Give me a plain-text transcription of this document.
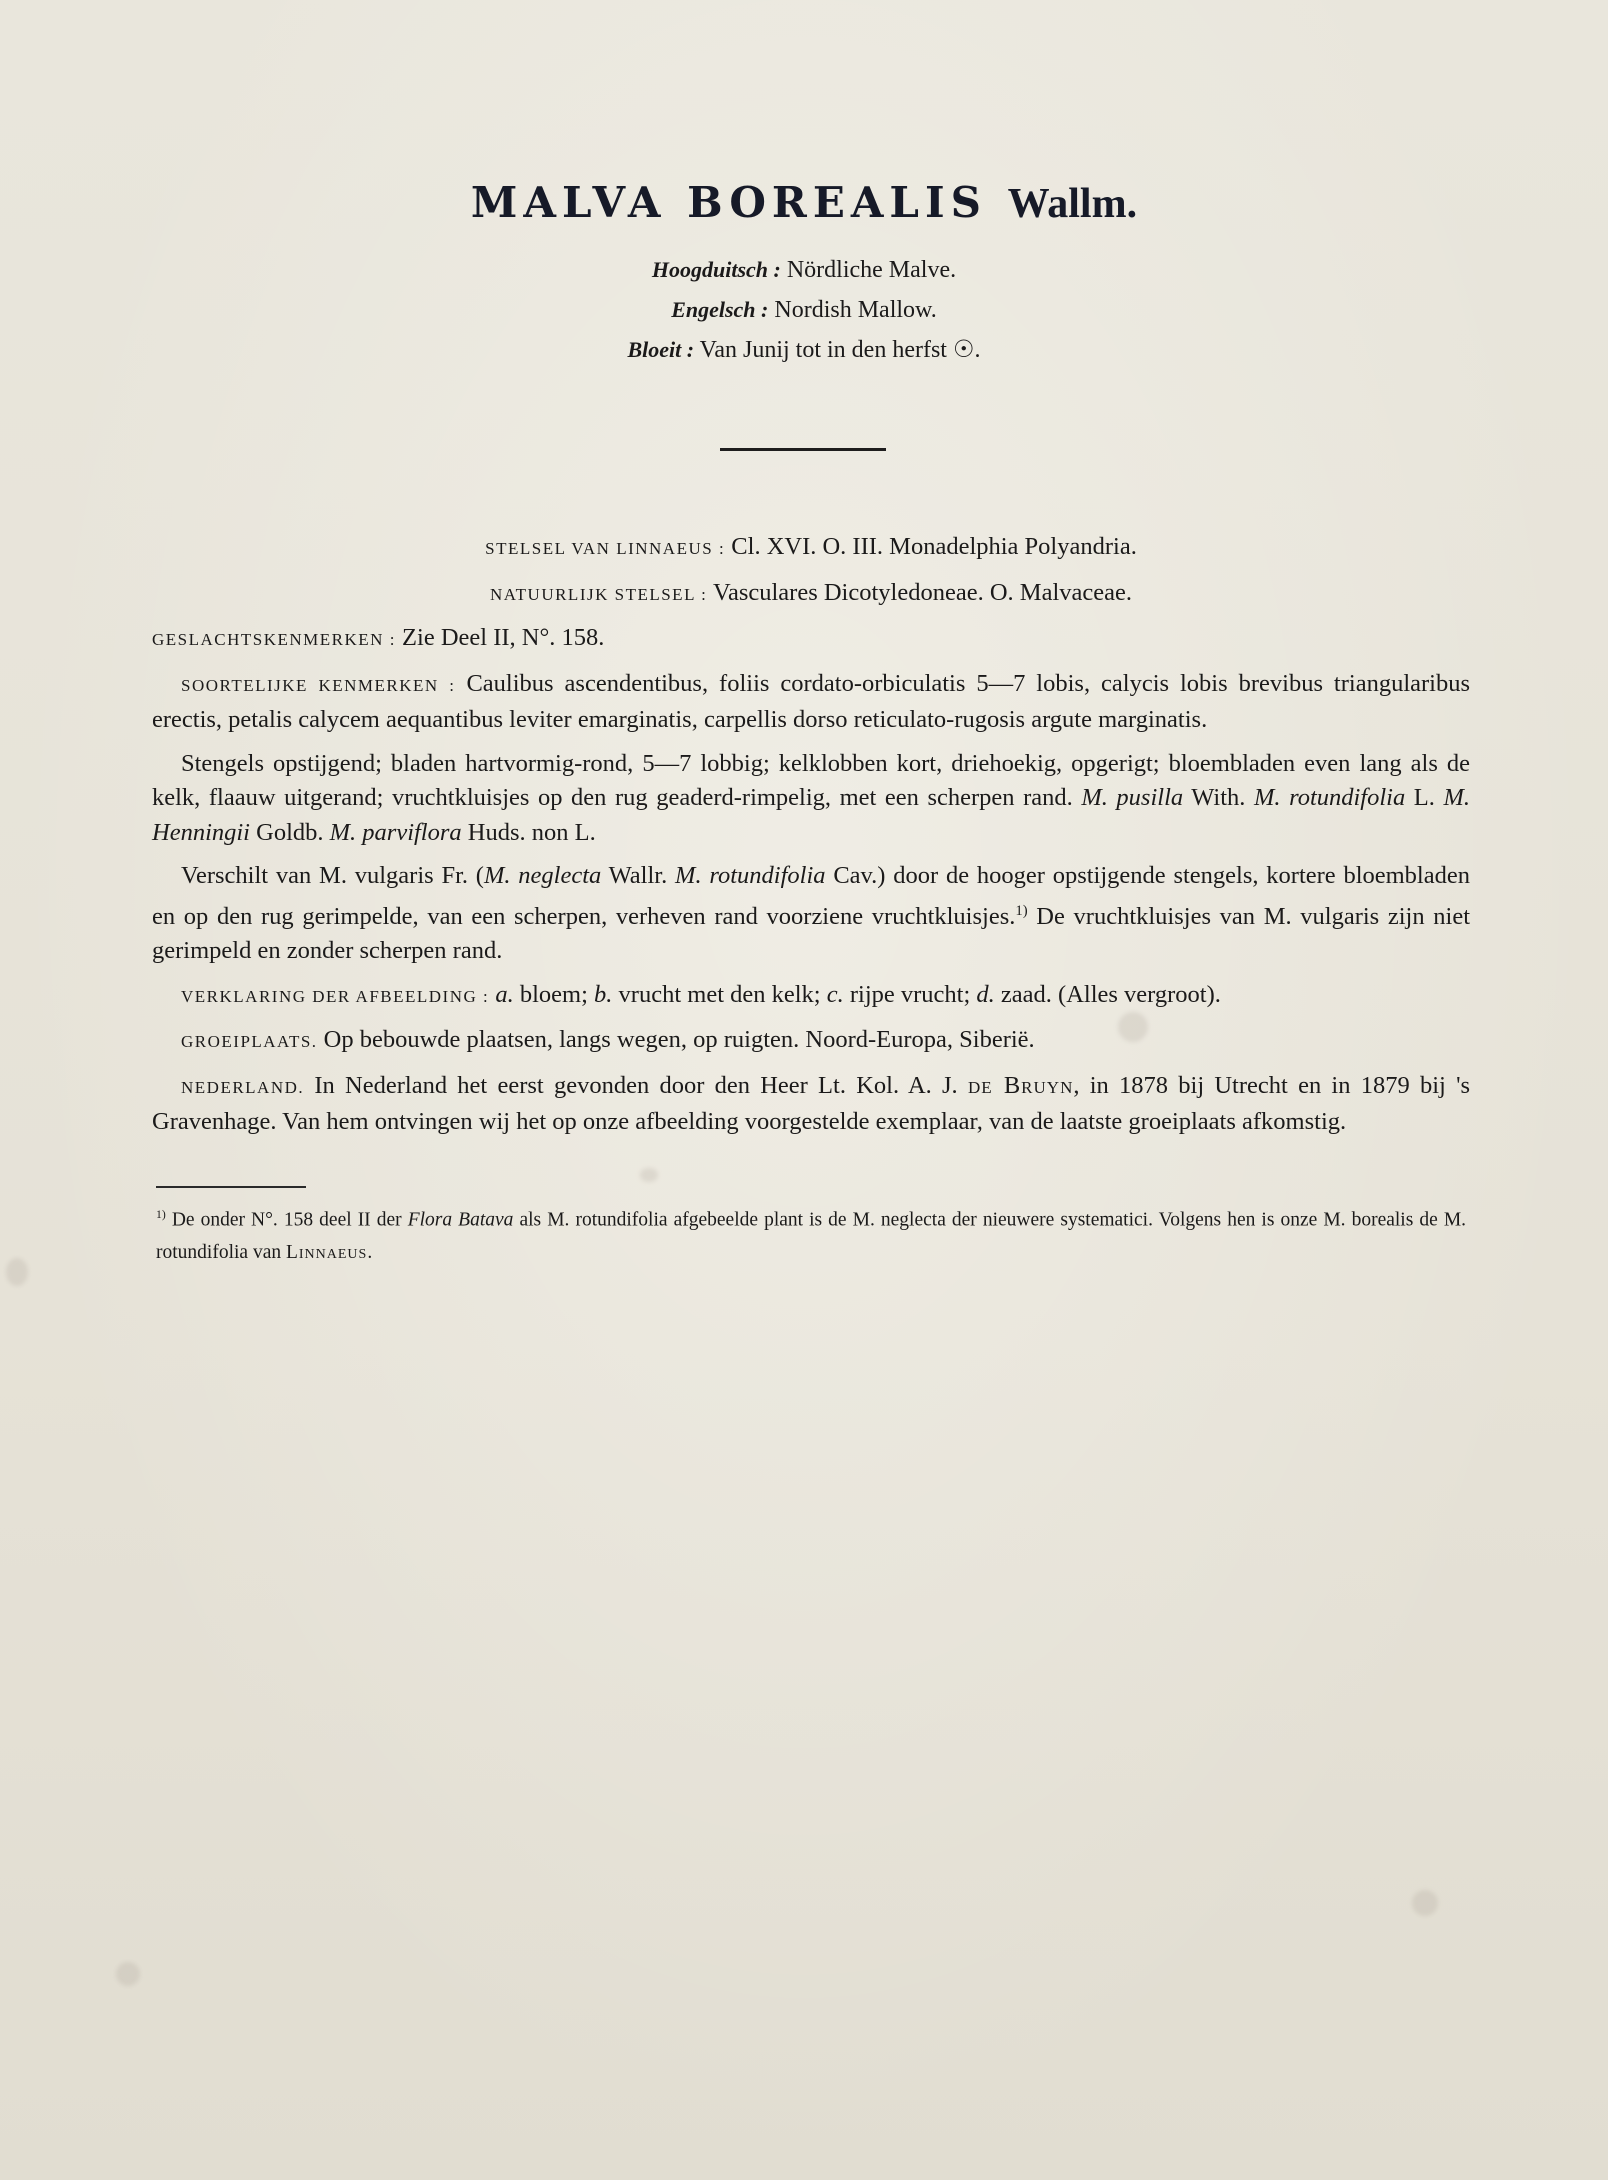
MALVA BOREALIS Wallm.
Hoogduitsch : Nördliche Malve.
Engelsch : Nordish Mallow.
Bloeit : Van Junij tot in den herfst ☉.

STELSEL VAN LINNAEUS : Cl. XVI. O. III. Monadelphia Polyandria.

NATUURLIJK STELSEL : Vasculares Dicotyledoneae. O. Malvaceae.

GESLACHTSKENMERKEN : Zie Deel II, N°. 158.

SOORTELIJKE KENMERKEN : Caulibus ascendentibus, foliis cordato-orbiculatis 5—7 lobis, calycis lobis brevibus triangularibus erectis, petalis calycem aequantibus leviter emarginatis, carpellis dorso reticulato-rugosis argute marginatis.

Stengels opstijgend; bladen hartvormig-rond, 5—7 lobbig; kelklobben kort, driehoekig, opgerigt; bloembladen even lang als de kelk, flaauw uitgerand; vruchtkluisjes op den rug geaderd-rimpelig, met een scherpen rand. M. pusilla With. M. rotundifolia L. M. Henningii Goldb. M. parviflora Huds. non L.

Verschilt van M. vulgaris Fr. (M. neglecta Wallr. M. rotundifolia Cav.) door de hooger opstijgende stengels, kortere bloembladen en op den rug gerimpelde, van een scherpen, verheven rand voorziene vruchtkluisjes.$^{1)}$ De vruchtkluisjes van M. vulgaris zijn niet gerimpeld en zonder scherpen rand.

VERKLARING DER AFBEELDING : a. bloem; b. vrucht met den kelk; c. rijpe vrucht; d. zaad. (Alles vergroot).

GROEIPLAATS. Op bebouwde plaatsen, langs wegen, op ruigten. Noord-Europa, Siberië.

NEDERLAND. In Nederland het eerst gevonden door den Heer Lt. Kol. A. J. de Bruyn, in 1878 bij Utrecht en in 1879 bij 's Gravenhage. Van hem ontvingen wij het op onze afbeelding voorgestelde exemplaar, van de laatste groeiplaats afkomstig.

$^{1)}$ De onder N°. 158 deel II der Flora Batava als M. rotundifolia afgebeelde plant is de M. neglecta der nieuwere systematici. Volgens hen is onze M. borealis de M. rotundifolia van Linnaeus.
